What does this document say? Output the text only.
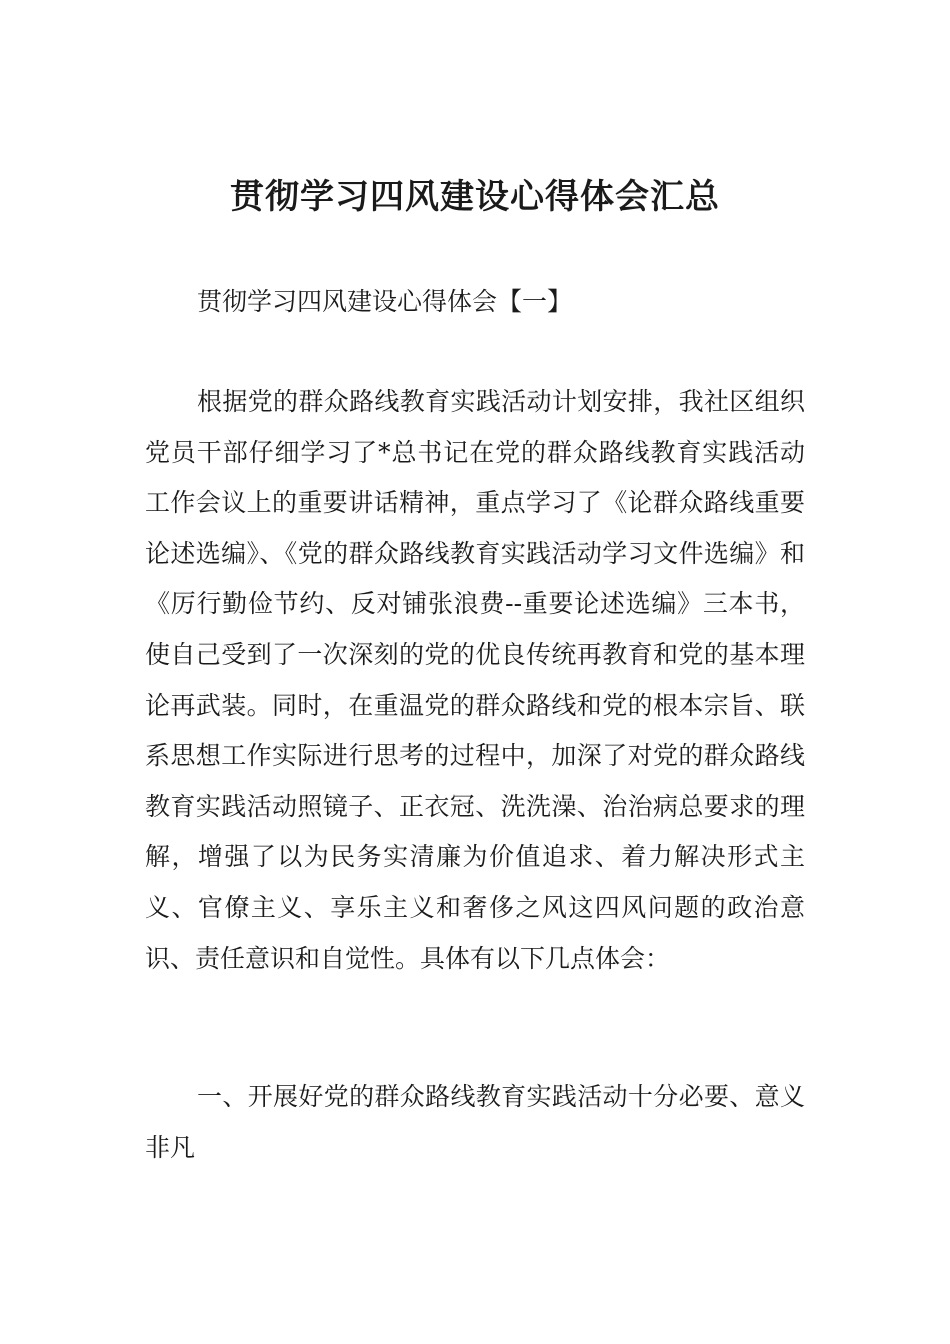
贯彻学习四风建设心得体会汇总

贯彻学习四风建设心得体会【一】

根据党的群众路线教育实践活动计划安排，我社区组织党员干部仔细学习了*总书记在党的群众路线教育实践活动工作会议上的重要讲话精神，重点学习了《论群众路线重要论述选编》、《党的群众路线教育实践活动学习文件选编》和《厉行勤俭节约、反对铺张浪费--重要论述选编》三本书，使自己受到了一次深刻的党的优良传统再教育和党的基本理论再武装。同时，在重温党的群众路线和党的根本宗旨、联系思想工作实际进行思考的过程中，加深了对党的群众路线教育实践活动照镜子、正衣冠、洗洗澡、治治病总要求的理解，增强了以为民务实清廉为价值追求、着力解决形式主义、官僚主义、享乐主义和奢侈之风这四风问题的政治意识、责任意识和自觉性。具体有以下几点体会：

一、开展好党的群众路线教育实践活动十分必要、意义非凡
